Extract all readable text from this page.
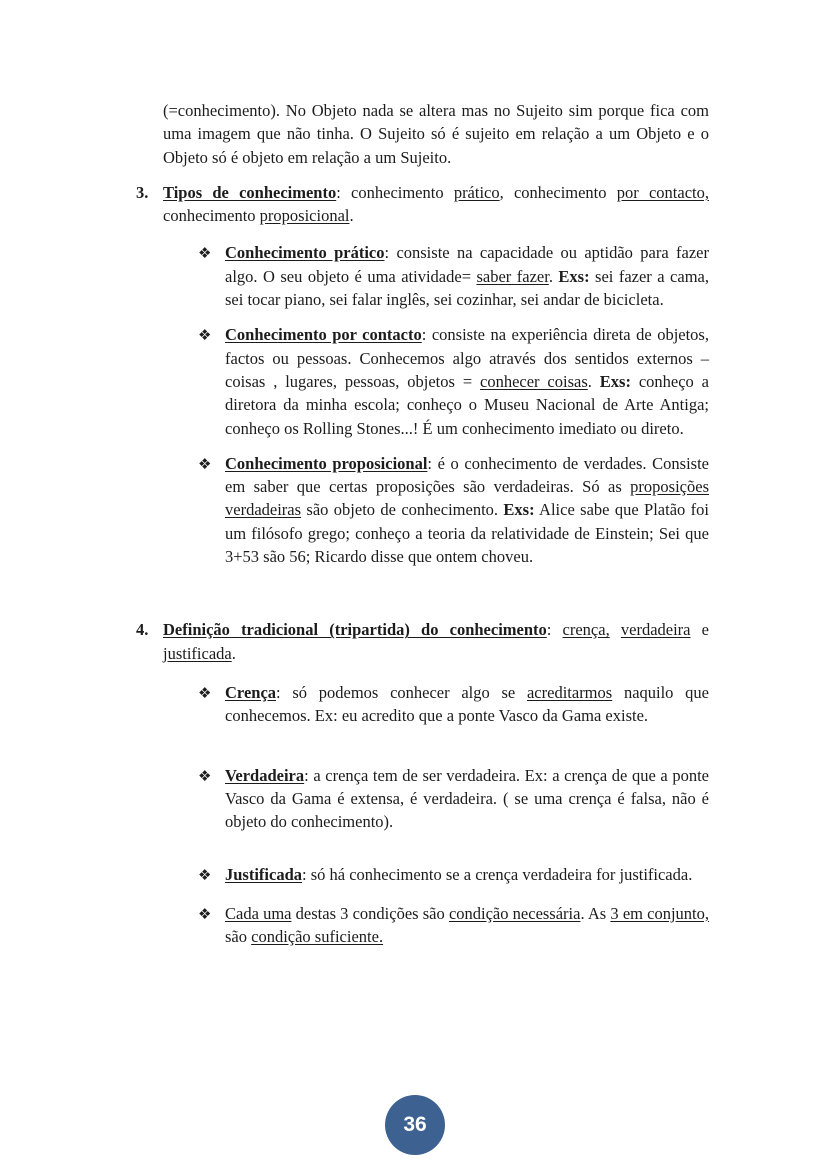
(=conhecimento). No Objeto nada se altera mas no Sujeito sim porque fica com uma imagem que não tinha. O Sujeito só é sujeito em relação a um Objeto e o Objeto só é objeto em relação a um Sujeito.
3. Tipos de conhecimento: conhecimento prático, conhecimento por contacto, conhecimento proposicional.
❖ Conhecimento prático: consiste na capacidade ou aptidão para fazer algo. O seu objeto é uma atividade= saber fazer. Exs: sei fazer a cama, sei tocar piano, sei falar inglês, sei cozinhar, sei andar de bicicleta.
❖ Conhecimento por contacto: consiste na experiência direta de objetos, factos ou pessoas. Conhecemos algo através dos sentidos externos – coisas , lugares, pessoas, objetos = conhecer coisas. Exs: conheço a diretora da minha escola; conheço o Museu Nacional de Arte Antiga; conheço os Rolling Stones...! É um conhecimento imediato ou direto.
❖ Conhecimento proposicional: é o conhecimento de verdades. Consiste em saber que certas proposições são verdadeiras. Só as proposições verdadeiras são objeto de conhecimento. Exs: Alice sabe que Platão foi um filósofo grego; conheço a teoria da relatividade de Einstein; Sei que 3+53 são 56; Ricardo disse que ontem choveu.
4. Definição tradicional (tripartida) do conhecimento: crença, verdadeira e justificada.
❖ Crença: só podemos conhecer algo se acreditarmos naquilo que conhecemos. Ex: eu acredito que a ponte Vasco da Gama existe.
❖ Verdadeira: a crença tem de ser verdadeira. Ex: a crença de que a ponte Vasco da Gama é extensa, é verdadeira. ( se uma crença é falsa, não é objeto do conhecimento).
❖ Justificada: só há conhecimento se a crença verdadeira for justificada.
❖ Cada uma destas 3 condições são condição necessária. As 3 em conjunto, são condição suficiente.
36
